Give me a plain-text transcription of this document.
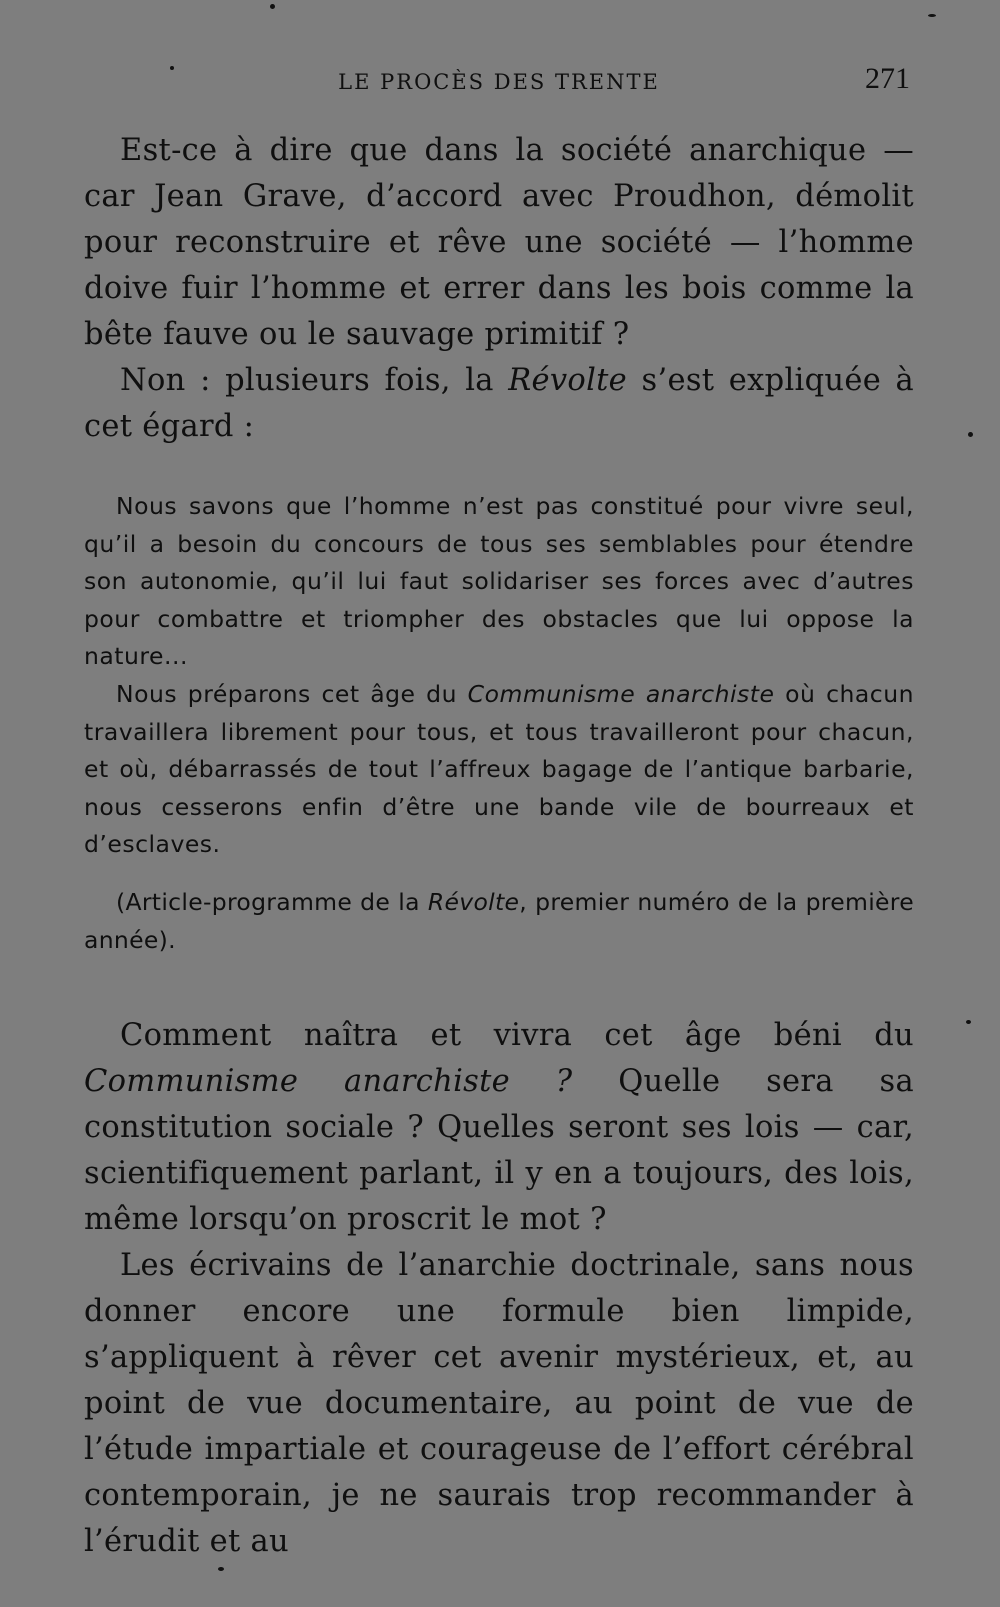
LE PROCÈS DES TRENTE	271

Est-ce à dire que dans la société anarchique — car Jean Grave, d’accord avec Proudhon, démolit pour reconstruire et rêve une société — l’homme doive fuir l’homme et errer dans les bois comme la bête fauve ou le sauvage primitif ?

Non : plusieurs fois, la Révolte s’est expliquée à cet égard :

Nous savons que l’homme n’est pas constitué pour vivre seul, qu’il a besoin du concours de tous ses semblables pour étendre son autonomie, qu’il lui faut solidariser ses forces avec d’autres pour combattre et triompher des obstacles que lui oppose la nature...

Nous préparons cet âge du Communisme anarchiste où chacun travaillera librement pour tous, et tous travailleront pour chacun, et où, débarrassés de tout l’affreux bagage de l’antique barbarie, nous cesserons enfin d’être une bande vile de bourreaux et d’esclaves.

(Article-programme de la Révolte, premier numéro de la première année).

Comment naîtra et vivra cet âge béni du Communisme anarchiste ? Quelle sera sa constitution sociale ? Quelles seront ses lois — car, scientifiquement parlant, il y en a toujours, des lois, même lorsqu’on proscrit le mot ?

Les écrivains de l’anarchie doctrinale, sans nous donner encore une formule bien limpide, s’appliquent à rêver cet avenir mystérieux, et, au point de vue documentaire, au point de vue de l’étude impartiale et courageuse de l’effort cérébral contemporain, je ne saurais trop recommander à l’érudit et au
